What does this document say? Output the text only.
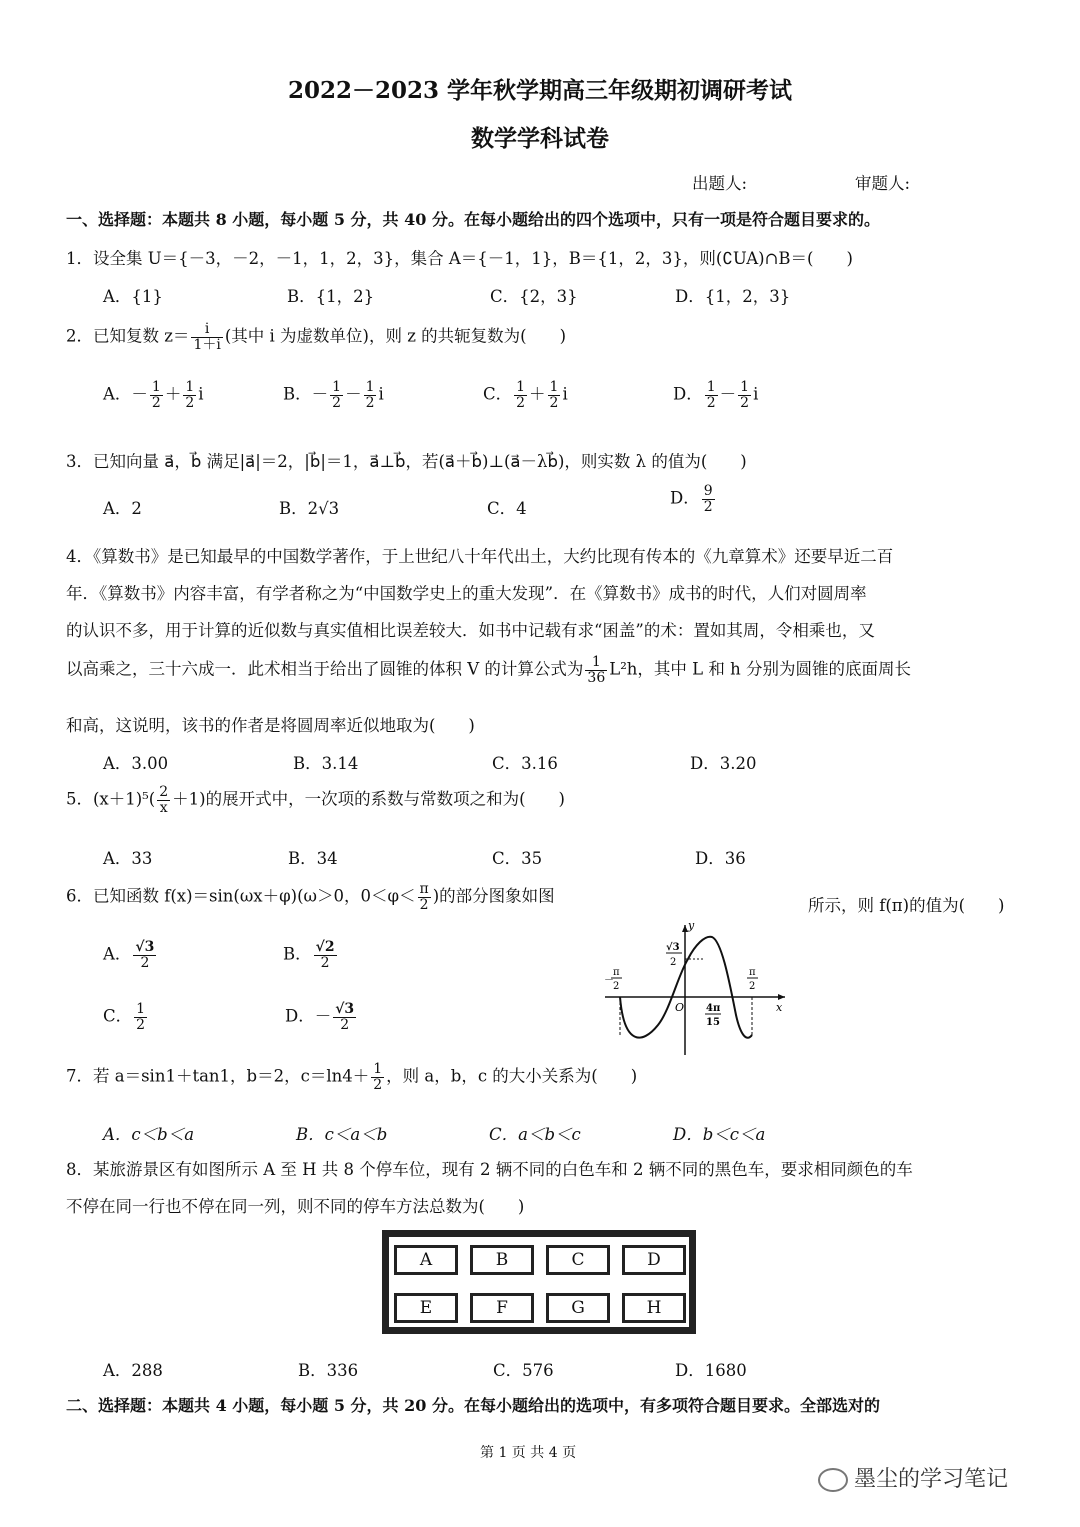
2022－2023 学年秋学期高三年级期初调研考试
数学学科试卷
出题人:	审题人:
一、选择题：本题共 8 小题，每小题 5 分，共 40 分。在每小题给出的四个选项中，只有一项是符合题目要求的。
1．设全集 U＝{－3，－2，－1，1，2，3}，集合 A＝{－1，1}，B＝{1，2，3}，则(∁UA)∩B＝(　　)
A．{1}	B．{1，2}	C．{2，3}	D．{1，2，3}
2．已知复数 $z= \frac{i}{1+i}$ (其中 i 为虚数单位)，则 z 的共轭复数为(　　)
A．－ $\frac{1}{2} + \frac{1}{2}$ i	B．－ $\frac{1}{2} - \frac{1}{2}$ i	C． $\frac{1}{2} + \frac{1}{2}$ i	D． $\frac{1}{2} - \frac{1}{2}$ i
3．已知向量 a⃗，b⃗ 满足|a⃗|＝2，|b⃗|＝1，a⃗⊥b⃗，若(a⃗＋b⃗)⊥(a⃗－λb⃗)，则实数 λ 的值为(　　)
A．2	B．2√3	C．4
D． $\frac{9}{2}$
4．《算数书》是已知最早的中国数学著作，于上世纪八十年代出土，大约比现有传本的《九章算术》还要早近二百
年．《算数书》内容丰富，有学者称之为“中国数学史上的重大发现”．在《算数书》成书的时代，人们对圆周率
的认识不多，用于计算的近似数与真实值相比误差较大．如书中记载有求“囷盖”的术：置如其周，令相乘也，又
以高乘之，三十六成一．此术相当于给出了圆锥的体积 V 的计算公式为 $\frac{1}{36} L^2h$，其中 L 和 h 分别为圆锥的底面周长
和高，这说明，该书的作者是将圆周率近似地取为(　　)
A．3.00	B．3.14	C．3.16	D．3.20
5．$(x+1)^5( \frac{2}{x} +1)$的展开式中，一次项的系数与常数项之和为(　　)
A．33	B．34	C．35	D．36
6．已知函数 f(x)＝sin(ωx＋φ)(ω＞0，$0<\varphi< \frac{\pi}{2}$ )的部分图象如图	所示，则 f(π)的值为(　　)
A． $\frac{√3}{2}$	B． $\frac{√2}{2}$
C． $\frac{1}{2}$	D．－ $\frac{√3}{2}$
y
x
O
√3
2
－
π
2
π
2
4π
15
7．若 a＝sin1＋tan1，b＝2，$c=\ln 4+ \frac{1}{2}$ ，则 a，b，c 的大小关系为(　　)
A．c＜b＜a	B．c＜a＜b	C．a＜b＜c	D．b＜c＜a
8．某旅游景区有如图所示 A 至 H 共 8 个停车位，现有 2 辆不同的白色车和 2 辆不同的黑色车，要求相同颜色的车
不停在同一行也不停在同一列，则不同的停车方法总数为(　　)
A	B	C	D
E	F	G	H
A．288	B．336	C．576	D．1680
二、选择题：本题共 4 小题，每小题 5 分，共 20 分。在每小题给出的选项中，有多项符合题目要求。全部选对的
第 1 页 共 4 页
墨尘的学习笔记
